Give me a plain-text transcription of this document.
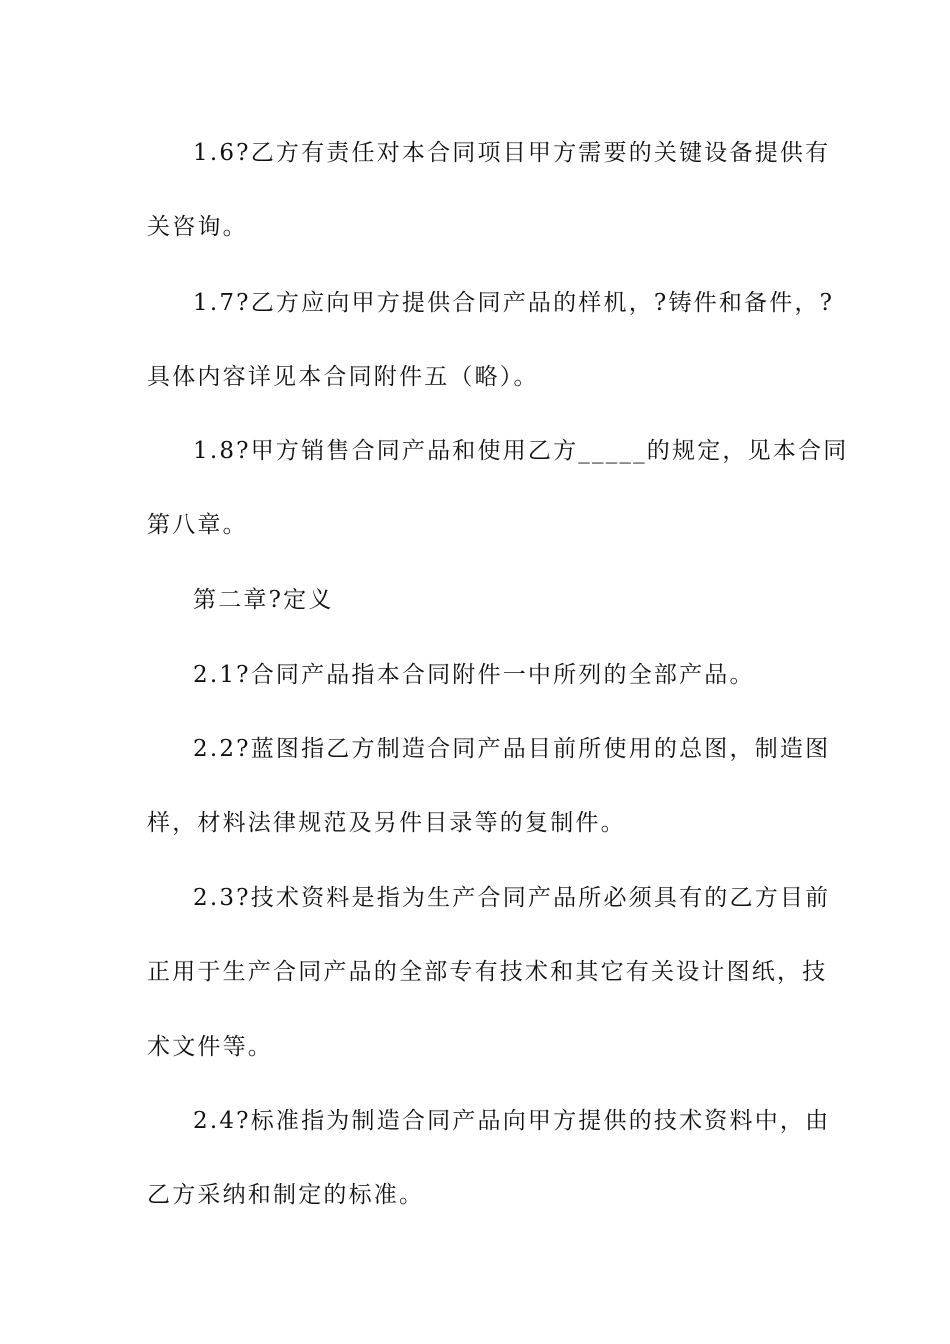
1.6?乙方有责任对本合同项目甲方需要的关键设备提供有
关咨询。
1.7?乙方应向甲方提供合同产品的样机，?铸件和备件，?
具体内容详见本合同附件五（略）。
1.8?甲方销售合同产品和使用乙方_____的规定，见本合同
第八章。
第二章?定义
2.1?合同产品指本合同附件一中所列的全部产品。
2.2?蓝图指乙方制造合同产品目前所使用的总图，制造图
样，材料法律规范及另件目录等的复制件。
2.3?技术资料是指为生产合同产品所必须具有的乙方目前
正用于生产合同产品的全部专有技术和其它有关设计图纸，技
术文件等。
2.4?标准指为制造合同产品向甲方提供的技术资料中，由
乙方采纳和制定的标准。
